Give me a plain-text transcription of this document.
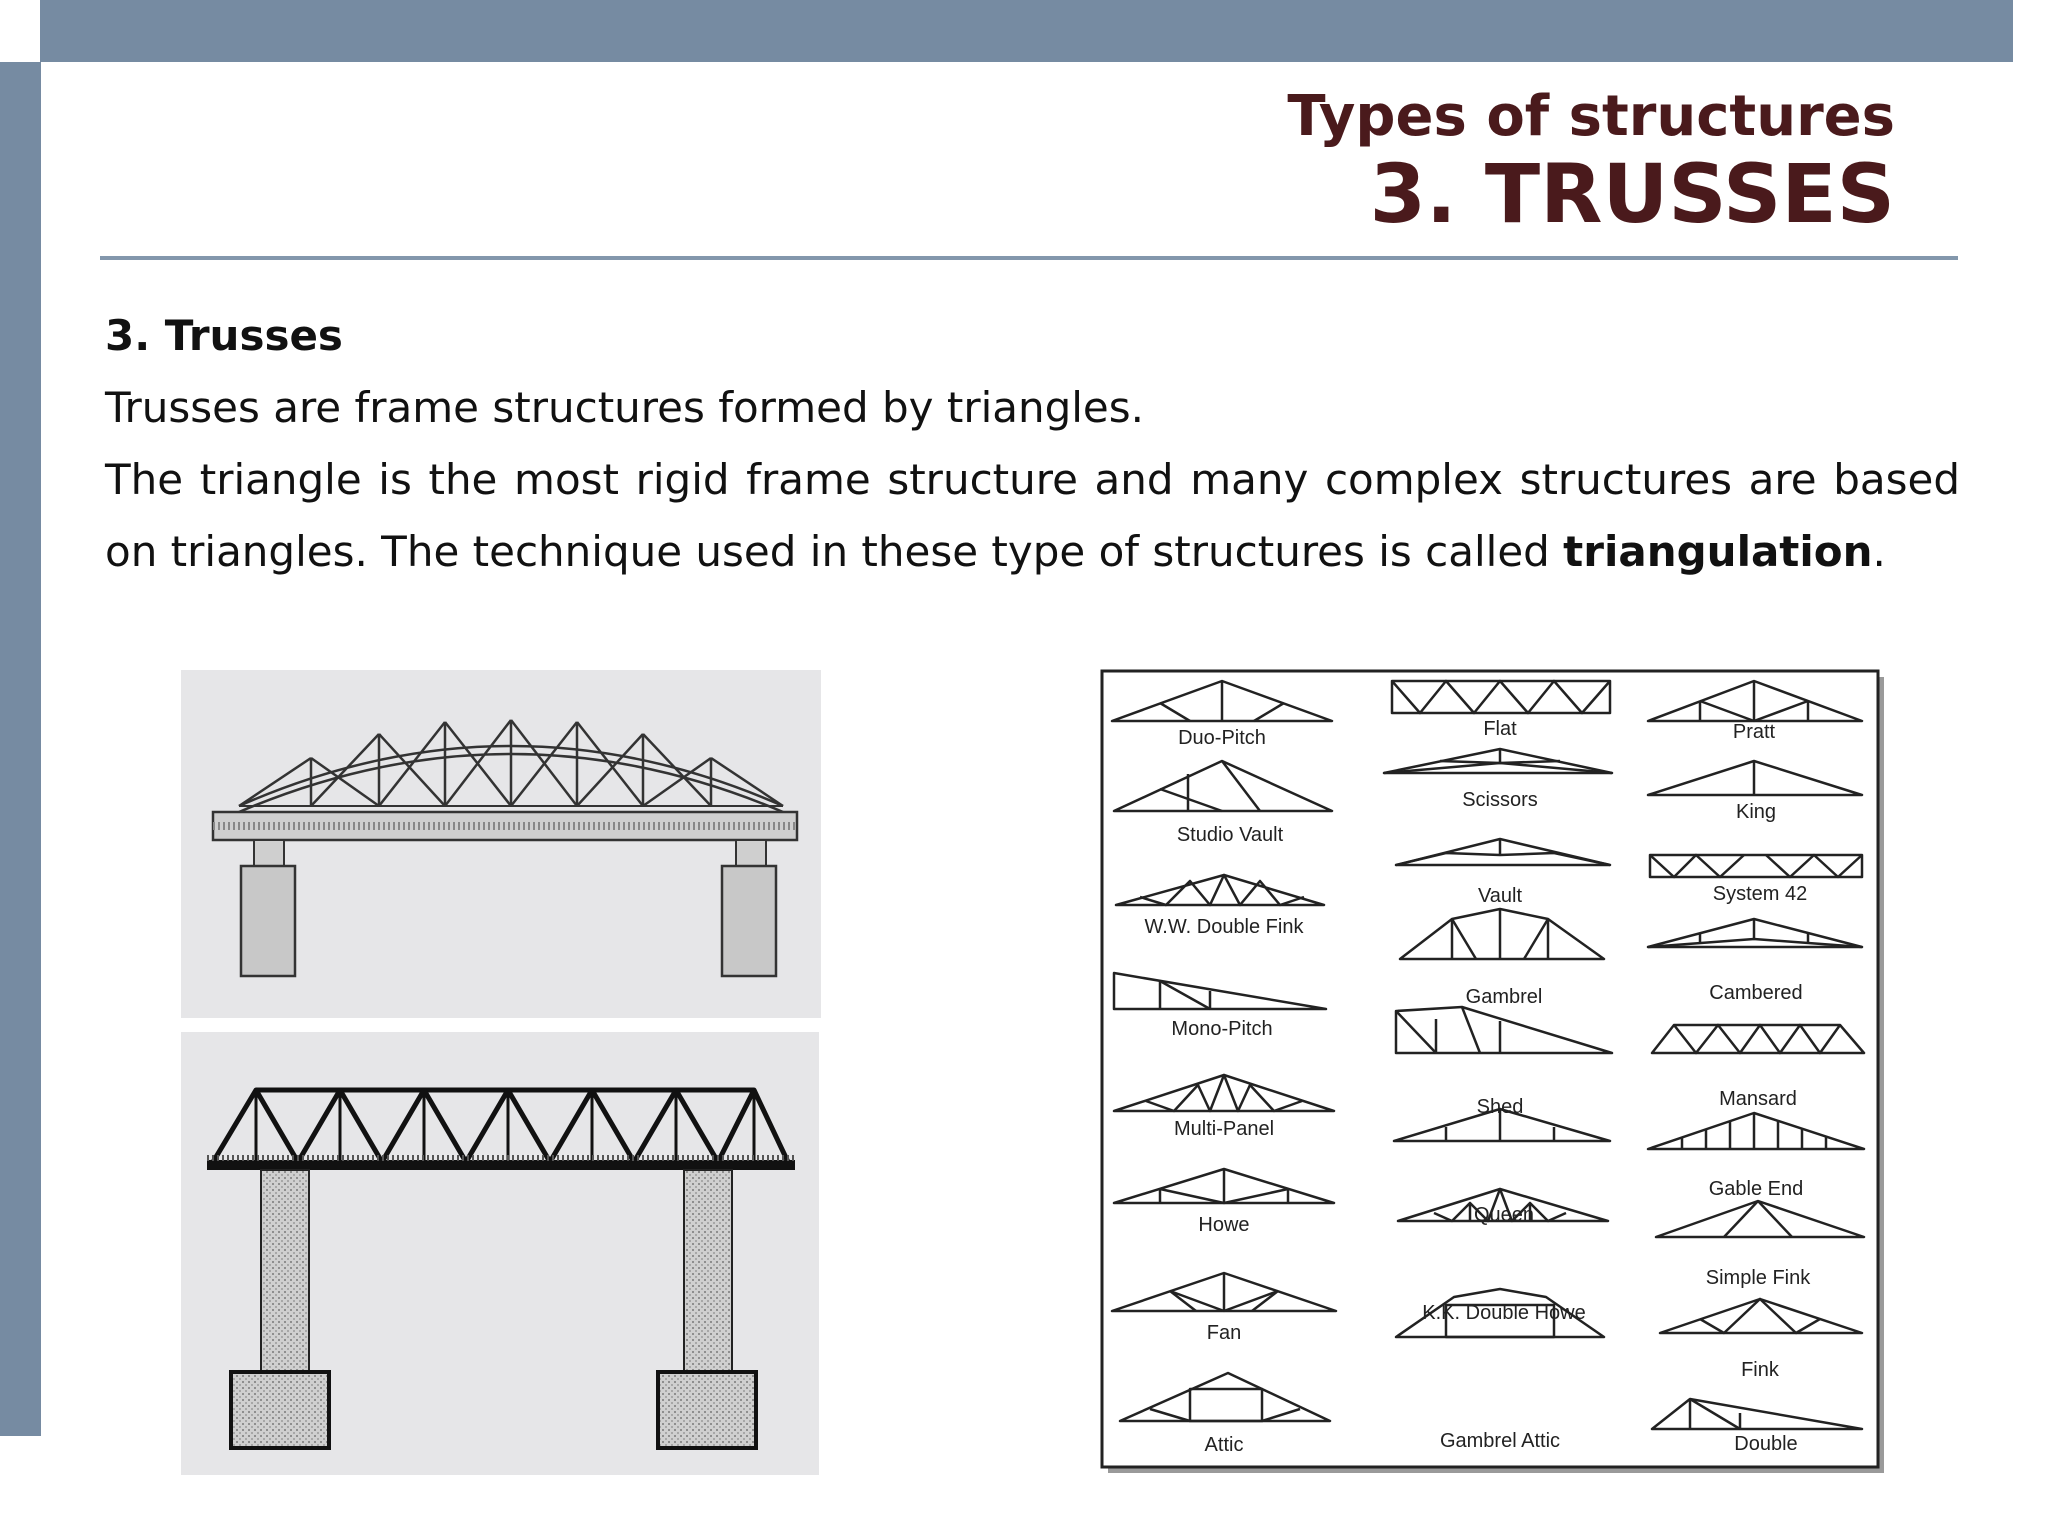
Types of structures
3. TRUSSES
3. Trusses
Trusses are frame structures formed by triangles.
The triangle is the most rigid frame structure and many complex structures are based on triangles. The technique used in these type of structures is called triangulation.
Duo-Pitch
Studio Vault
W.W. Double Fink
Mono-Pitch
Multi-Panel
Howe
Fan
Attic
Flat
Scissors
Vault
Gambrel
Shed
Queen
K.K. Double Howe
Gambrel Attic
Pratt
King
System 42
Cambered
Mansard
Gable End
Simple Fink
Fink
Double
